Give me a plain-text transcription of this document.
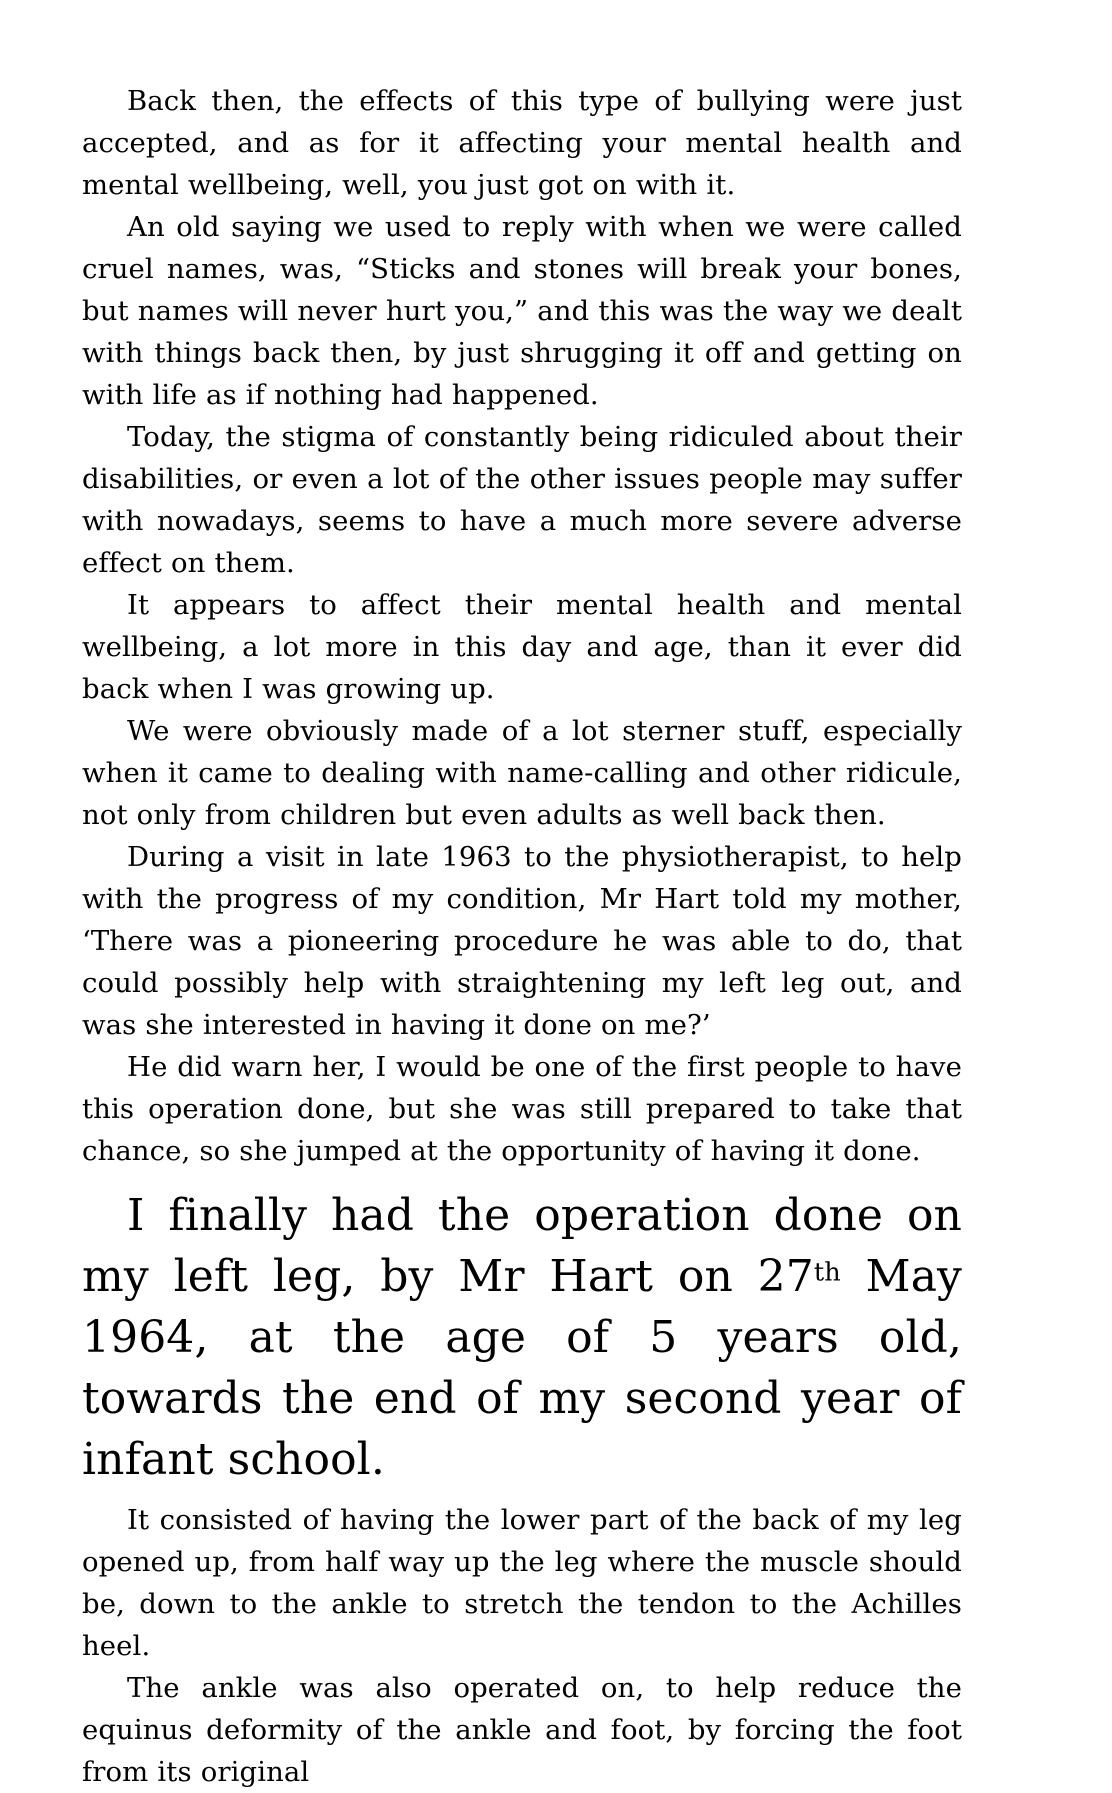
Back then, the effects of this type of bullying were just accepted, and as for it affecting your mental health and mental wellbeing, well, you just got on with it.

An old saying we used to reply with when we were called cruel names, was, “Sticks and stones will break your bones, but names will never hurt you,” and this was the way we dealt with things back then, by just shrugging it off and getting on with life as if nothing had happened.

Today, the stigma of constantly being ridiculed about their disabilities, or even a lot of the other issues people may suffer with nowadays, seems to have a much more severe adverse effect on them.

It appears to affect their mental health and mental wellbeing, a lot more in this day and age, than it ever did back when I was growing up.

We were obviously made of a lot sterner stuff, especially when it came to dealing with name-calling and other ridicule, not only from children but even adults as well back then.

During a visit in late 1963 to the physiotherapist, to help with the progress of my condition, Mr Hart told my mother, ‘There was a pioneering procedure he was able to do, that could possibly help with straightening my left leg out, and was she interested in having it done on me?’

He did warn her, I would be one of the first people to have this operation done, but she was still prepared to take that chance, so she jumped at the opportunity of having it done.

I finally had the operation done on my left leg, by Mr Hart on 27th May 1964, at the age of 5 years old, towards the end of my second year of infant school.

It consisted of having the lower part of the back of my leg opened up, from half way up the leg where the muscle should be, down to the ankle to stretch the tendon to the Achilles heel.

The ankle was also operated on, to help reduce the equinus deformity of the ankle and foot, by forcing the foot from its original
